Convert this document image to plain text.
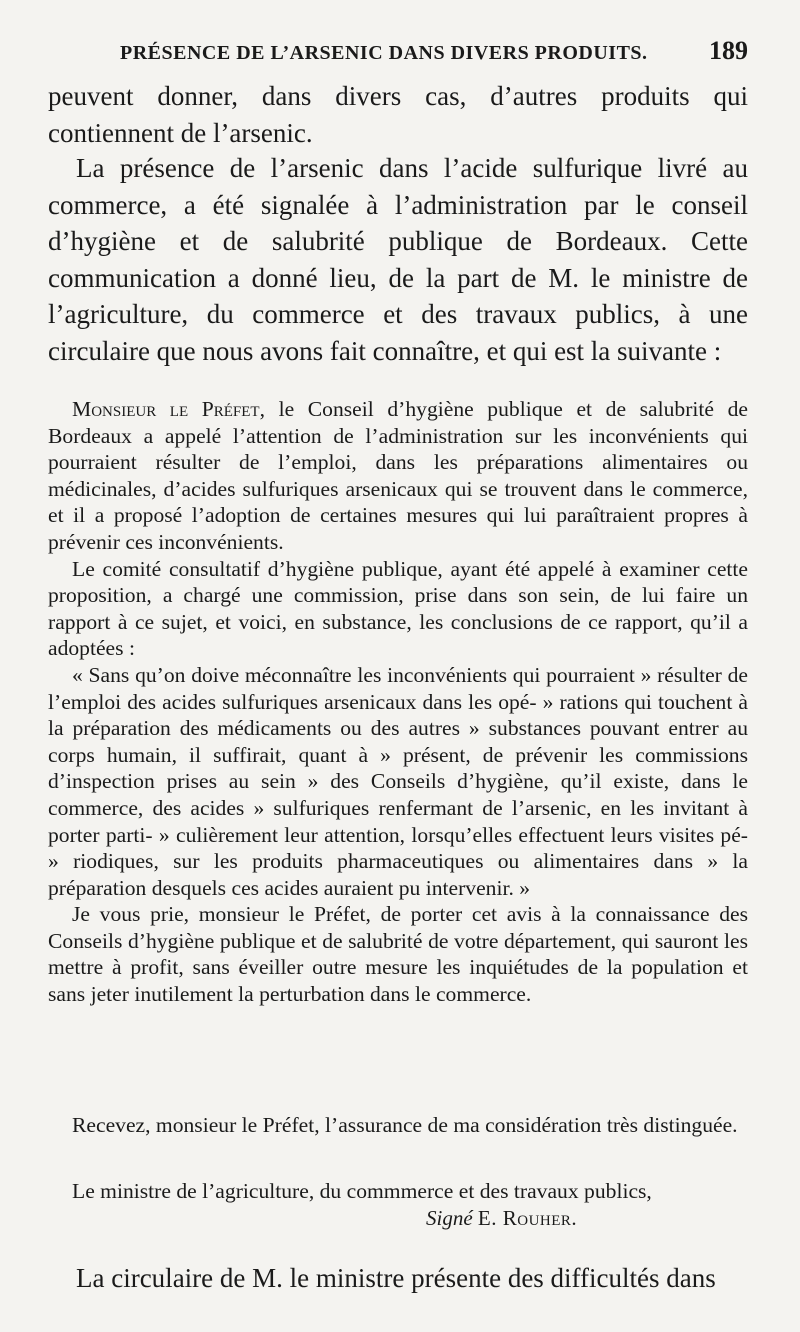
PRÉSENCE DE L’ARSENIC DANS DIVERS PRODUITS. 189

peuvent donner, dans divers cas, d’autres produits qui contiennent de l’arsenic.

La présence de l’arsenic dans l’acide sulfurique livré au commerce, a été signalée à l’administration par le conseil d’hygiène et de salubrité publique de Bordeaux. Cette communication a donné lieu, de la part de M. le ministre de l’agriculture, du commerce et des travaux publics, à une circulaire que nous avons fait connaître, et qui est la suivante :

Monsieur le Préfet, le Conseil d’hygiène publique et de salubrité de Bordeaux a appelé l’attention de l’administration sur les inconvénients qui pourraient résulter de l’emploi, dans les préparations alimentaires ou médicinales, d’acides sulfuriques arsenicaux qui se trouvent dans le commerce, et il a proposé l’adoption de certaines mesures qui lui paraîtraient propres à prévenir ces inconvénients.

Le comité consultatif d’hygiène publique, ayant été appelé à examiner cette proposition, a chargé une commission, prise dans son sein, de lui faire un rapport à ce sujet, et voici, en substance, les conclusions de ce rapport, qu’il a adoptées :

« Sans qu’on doive méconnaître les inconvénients qui pourraient » résulter de l’emploi des acides sulfuriques arsenicaux dans les opé- » rations qui touchent à la préparation des médicaments ou des autres » substances pouvant entrer au corps humain, il suffirait, quant à » présent, de prévenir les commissions d’inspection prises au sein » des Conseils d’hygiène, qu’il existe, dans le commerce, des acides » sulfuriques renfermant de l’arsenic, en les invitant à porter parti- » culièrement leur attention, lorsqu’elles effectuent leurs visites pé- » riodiques, sur les produits pharmaceutiques ou alimentaires dans » la préparation desquels ces acides auraient pu intervenir. »

Je vous prie, monsieur le Préfet, de porter cet avis à la connaissance des Conseils d’hygiène publique et de salubrité de votre département, qui sauront les mettre à profit, sans éveiller outre mesure les inquiétudes de la population et sans jeter inutilement la perturbation dans le commerce.

Recevez, monsieur le Préfet, l’assurance de ma considération très distinguée.

Le ministre de l’agriculture, du commmerce et des travaux publics,

Signé E. Rouher.

La circulaire de M. le ministre présente des difficultés dans
